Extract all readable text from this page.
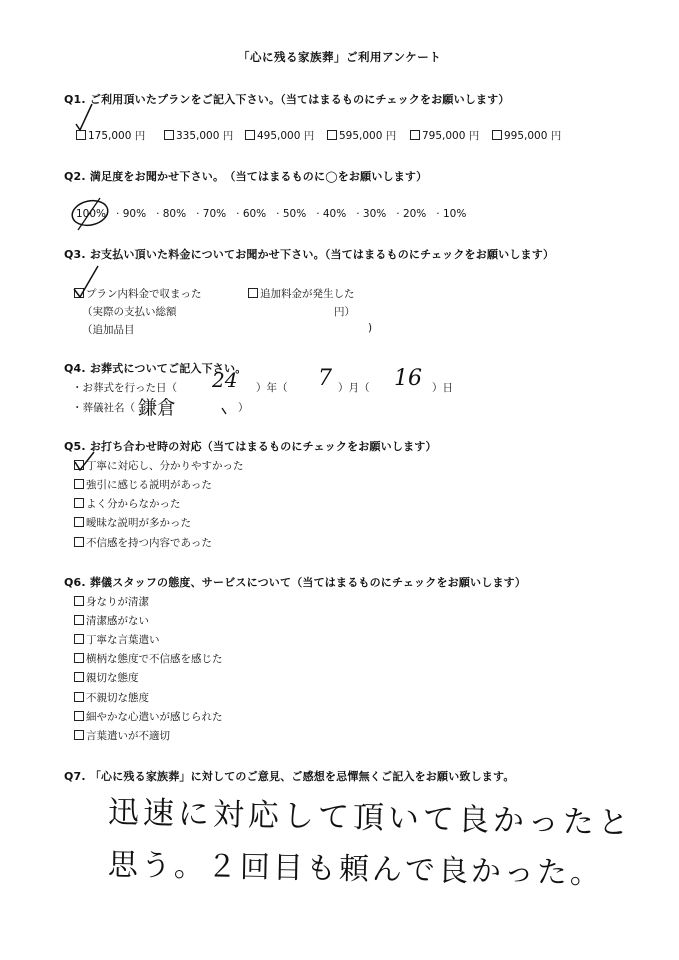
「心に残る家族葬」ご利用アンケート
Q1. ご利用頂いたプランをご記入下さい。（当てはまるものにチェックをお願いします）
175,000 円	335,000 円	495,000 円	595,000 円	795,000 円	995,000 円
Q2. 満足度をお聞かせ下さい。　（当てはまるものに◯をお願いします）
100% · 90% · 80% · 70% · 60% · 50% · 40% · 30% · 20% · 10%
Q3. お支払い頂いた料金についてお聞かせ下さい。（当てはまるものにチェックをお願いします）
プラン内料金で収まった	追加料金が発生した
（実際の支払い総額	円）
（追加品目	)
Q4. お葬式についてご記入下さい。
・お葬式を行った日（ 24 ）年（ 7 ）月（ 16 ）日
・葬儀社名（ 鎌倉	）
Q5. お打ち合わせ時の対応（当てはまるものにチェックをお願いします）
丁寧に対応し、分かりやすかった
強引に感じる説明があった
よく分からなかった
曖昧な説明が多かった
不信感を持つ内容であった
Q6. 葬儀スタッフの態度、サービスについて（当てはまるものにチェックをお願いします）
身なりが清潔
清潔感がない
丁寧な言葉遣い
横柄な態度で不信感を感じた
親切な態度
不親切な態度
細やかな心遣いが感じられた
言葉遣いが不適切
Q7. 「心に残る家族葬」に対してのご意見、ご感想を忌憚無くご記入をお願い致します。
迅速に対応して頂いて良かったと
思う。２回目も頼んで良かった。
